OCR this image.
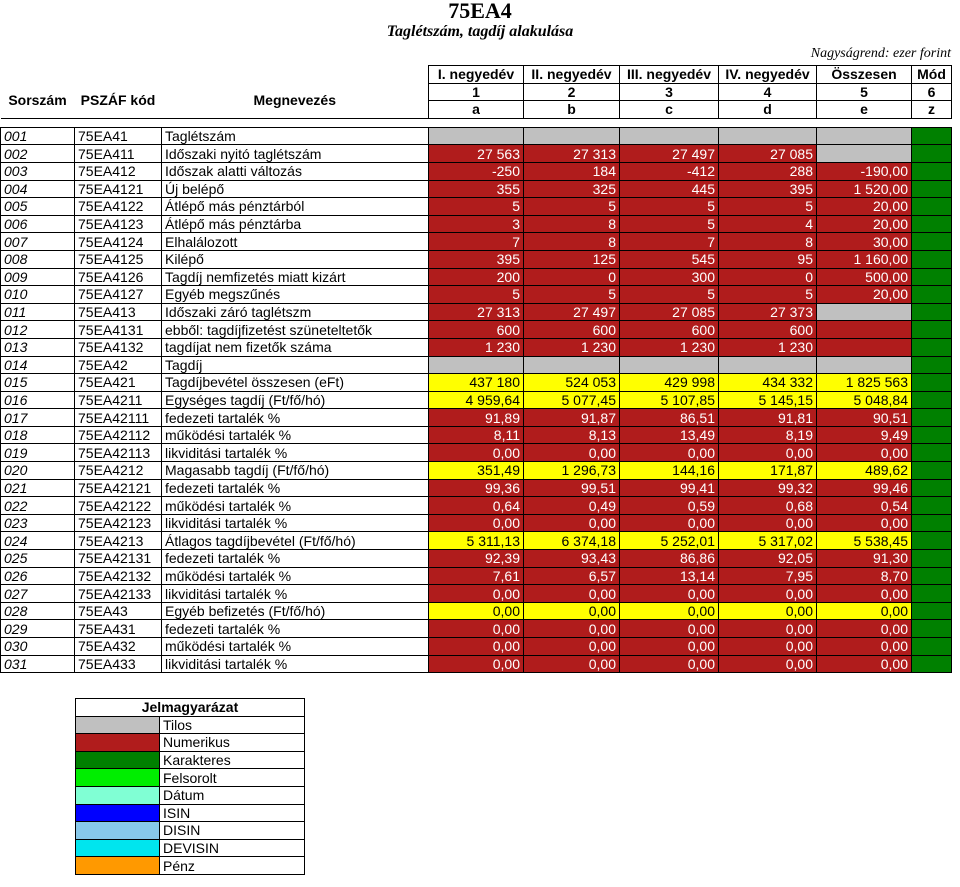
75EA4
Taglétszám, tagdíj alakulása
Nagyságrend: ezer forint
			I. negyedév	II. negyedév	III. negyedév	IV. negyedév	Összesen	Mód
Sorszám	PSZÁF kód	Megnevezés	1	2	3	4	5	6
			a	b	c	d	e	z

001	75EA41	Taglétszám						
002	75EA411	Időszaki nyitó taglétszám	27 563	27 313	27 497	27 085		
003	75EA412	Időszak alatti változás	-250	184	-412	288	-190,00	
004	75EA4121	Új belépő	355	325	445	395	1 520,00	
005	75EA4122	Átlépő más pénztárból	5	5	5	5	20,00	
006	75EA4123	Átlépő más pénztárba	3	8	5	4	20,00	
007	75EA4124	Elhalálozott	7	8	7	8	30,00	
008	75EA4125	Kilépő	395	125	545	95	1 160,00	
009	75EA4126	Tagdíj nemfizetés miatt kizárt	200	0	300	0	500,00	
010	75EA4127	Egyéb megszűnés	5	5	5	5	20,00	
011	75EA413	Időszaki záró taglétszm	27 313	27 497	27 085	27 373		
012	75EA4131	ebből: tagdíjfizetést szüneteltetők	600	600	600	600		
013	75EA4132	tagdíjat nem fizetők száma	1 230	1 230	1 230	1 230		
014	75EA42	Tagdíj						
015	75EA421	Tagdíjbevétel összesen (eFt)	437 180	524 053	429 998	434 332	1 825 563	
016	75EA4211	Egységes tagdíj (Ft/fő/hó)	4 959,64	5 077,45	5 107,85	5 145,15	5 048,84	
017	75EA42111	fedezeti tartalék %	91,89	91,87	86,51	91,81	90,51	
018	75EA42112	működési tartalék %	8,11	8,13	13,49	8,19	9,49	
019	75EA42113	likviditási tartalék %	0,00	0,00	0,00	0,00	0,00	
020	75EA4212	Magasabb tagdíj (Ft/fő/hó)	351,49	1 296,73	144,16	171,87	489,62	
021	75EA42121	fedezeti tartalék %	99,36	99,51	99,41	99,32	99,46	
022	75EA42122	működési tartalék %	0,64	0,49	0,59	0,68	0,54	
023	75EA42123	likviditási tartalék %	0,00	0,00	0,00	0,00	0,00	
024	75EA4213	Átlagos tagdíjbevétel (Ft/fő/hó)	5 311,13	6 374,18	5 252,01	5 317,02	5 538,45	
025	75EA42131	fedezeti tartalék %	92,39	93,43	86,86	92,05	91,30	
026	75EA42132	működési tartalék %	7,61	6,57	13,14	7,95	8,70	
027	75EA42133	likviditási tartalék %	0,00	0,00	0,00	0,00	0,00	
028	75EA43	Egyéb befizetés (Ft/fő/hó)	0,00	0,00	0,00	0,00	0,00	
029	75EA431	fedezeti tartalék %	0,00	0,00	0,00	0,00	0,00	
030	75EA432	működési tartalék %	0,00	0,00	0,00	0,00	0,00	
031	75EA433	likviditási tartalék %	0,00	0,00	0,00	0,00	0,00	
Jelmagyarázat	
	Tilos
	Numerikus
	Karakteres
	Felsorolt
	Dátum
	ISIN
	DISIN
	DEVISIN
	Pénz
